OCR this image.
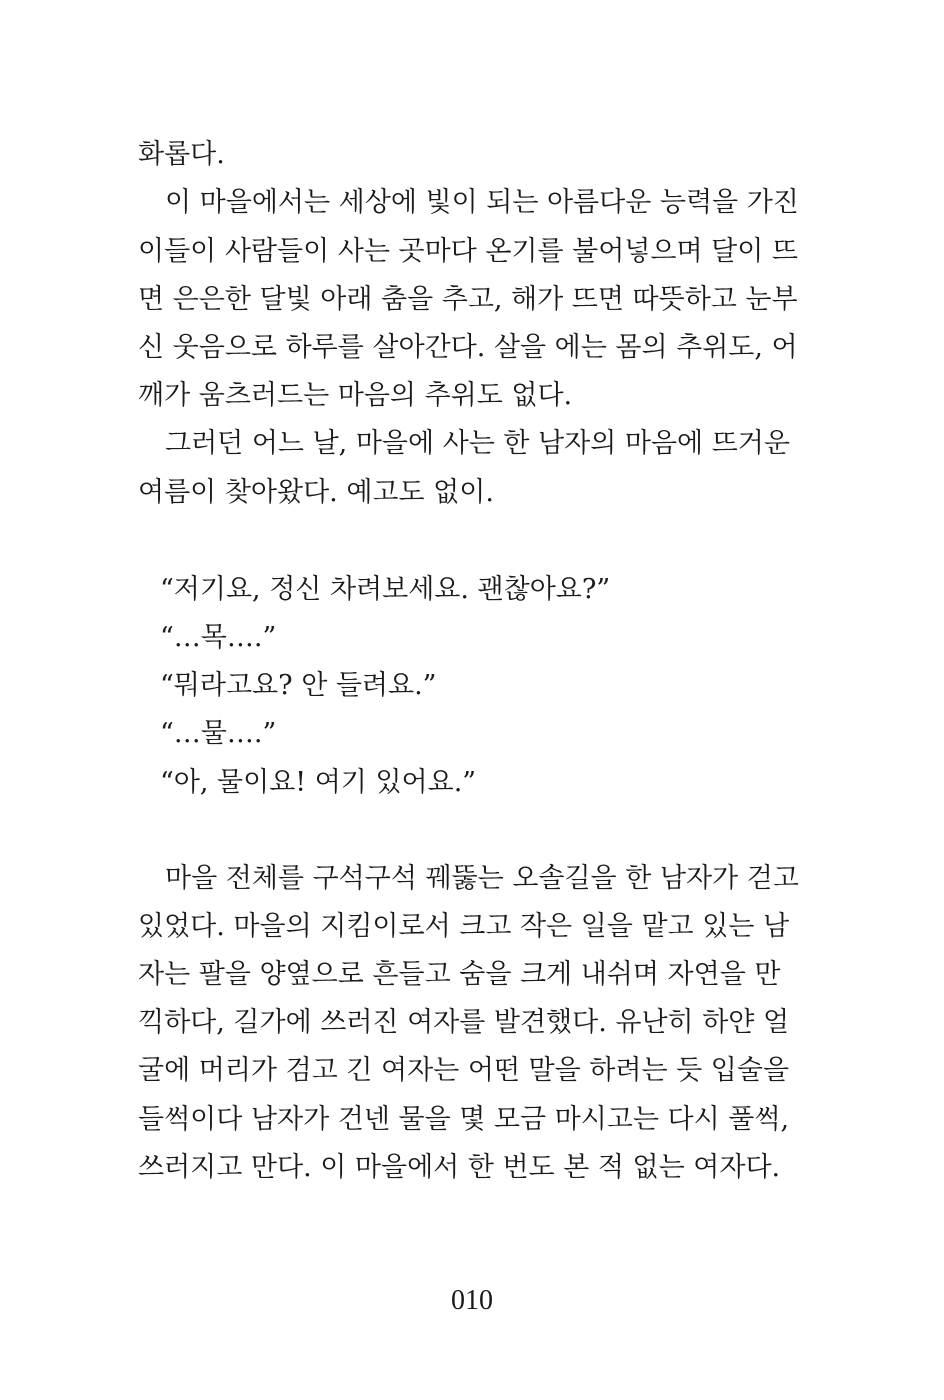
화롭다.
이 마을에서는 세상에 빛이 되는 아름다운 능력을 가진
이들이 사람들이 사는 곳마다 온기를 불어넣으며 달이 뜨
면 은은한 달빛 아래 춤을 추고, 해가 뜨면 따뜻하고 눈부
신 웃음으로 하루를 살아간다. 살을 에는 몸의 추위도, 어
깨가 움츠러드는 마음의 추위도 없다.
그러던 어느 날, 마을에 사는 한 남자의 마음에 뜨거운
여름이 찾아왔다. 예고도 없이.
“저기요, 정신 차려보세요. 괜찮아요?”
“…목….”
“뭐라고요? 안 들려요.”
“…물….”
“아, 물이요! 여기 있어요.”
마을 전체를 구석구석 꿰뚫는 오솔길을 한 남자가 걷고
있었다. 마을의 지킴이로서 크고 작은 일을 맡고 있는 남
자는 팔을 양옆으로 흔들고 숨을 크게 내쉬며 자연을 만
끽하다, 길가에 쓰러진 여자를 발견했다. 유난히 하얀 얼
굴에 머리가 검고 긴 여자는 어떤 말을 하려는 듯 입술을
들썩이다 남자가 건넨 물을 몇 모금 마시고는 다시 풀썩,
쓰러지고 만다. 이 마을에서 한 번도 본 적 없는 여자다.
010
